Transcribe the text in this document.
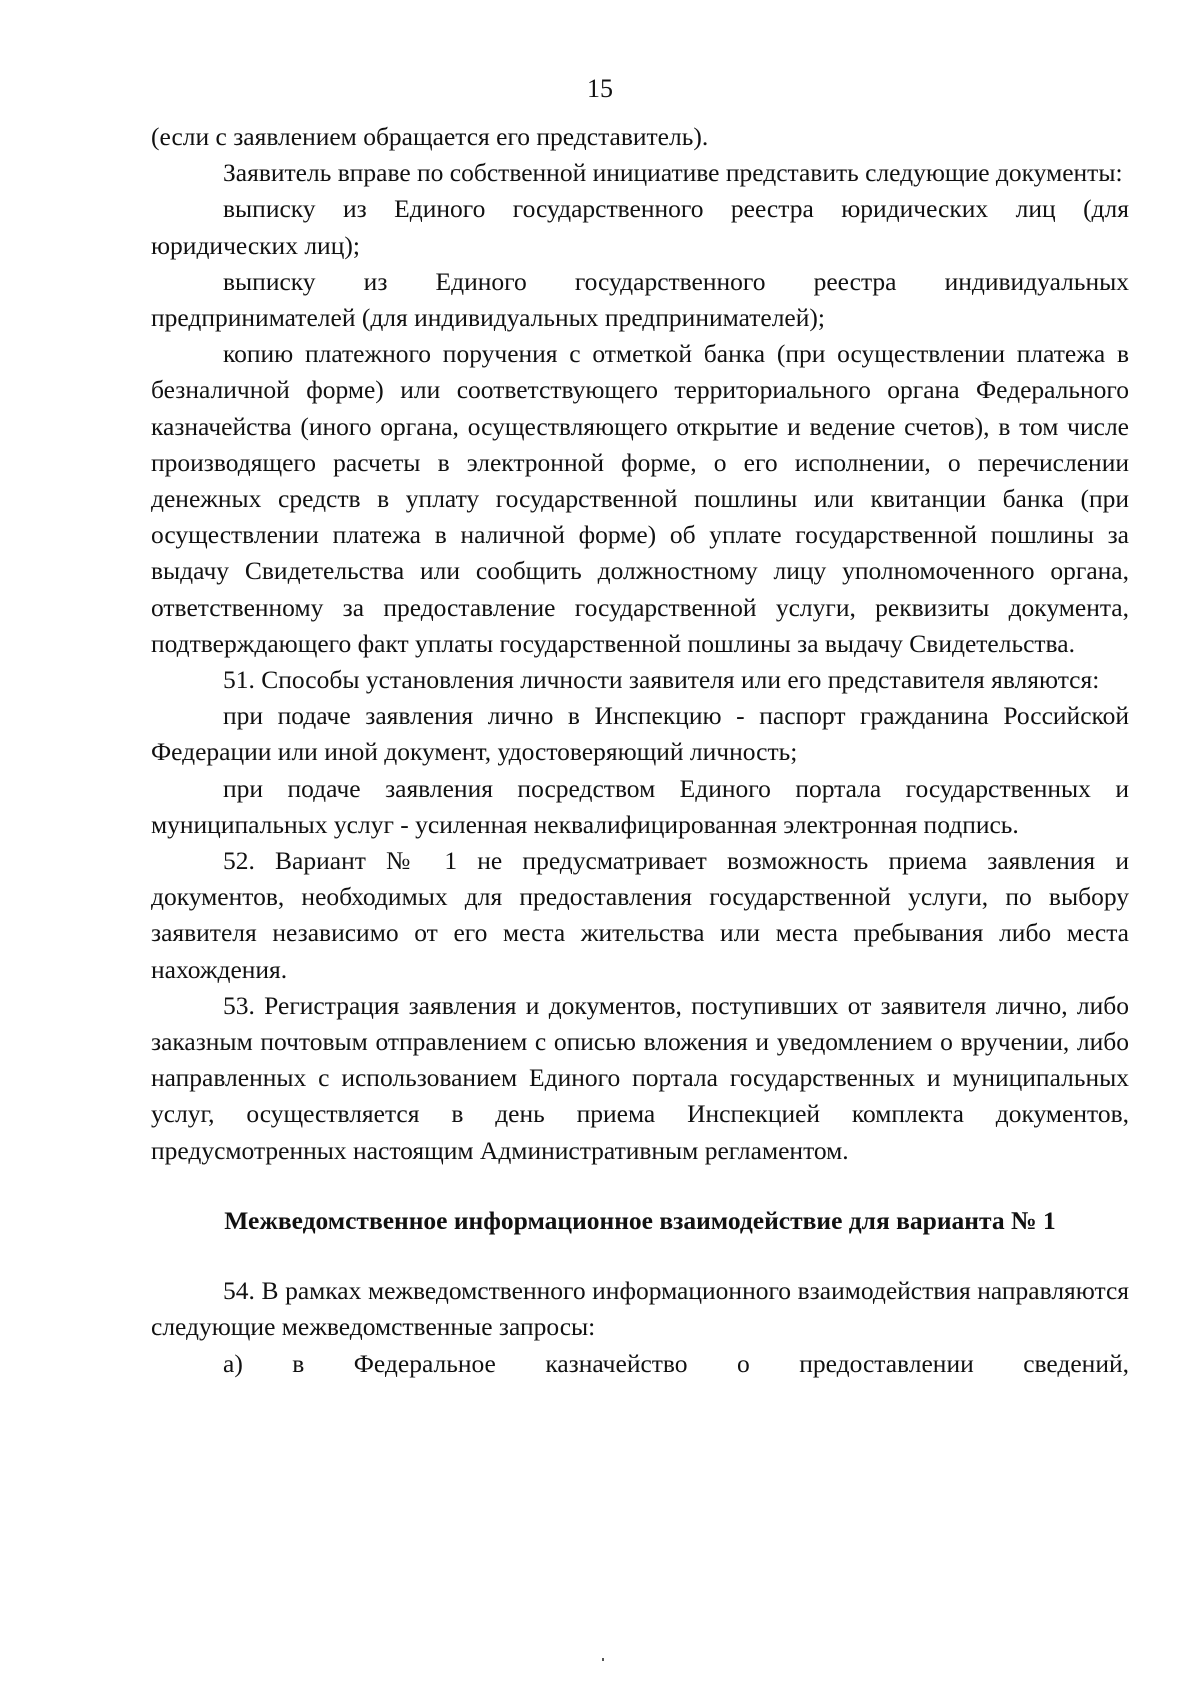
15

(если с заявлением обращается его представитель).

Заявитель вправе по собственной инициативе представить следующие документы:

выписку из Единого государственного реестра юридических лиц (для юридических лиц);

выписку из Единого государственного реестра индивидуальных предпринимателей (для индивидуальных предпринимателей);

копию платежного поручения с отметкой банка (при осуществлении платежа в безналичной форме) или соответствующего территориального органа Федерального казначейства (иного органа, осуществляющего открытие и ведение счетов), в том числе производящего расчеты в электронной форме, о его исполнении, о перечислении денежных средств в уплату государственной пошлины или квитанции банка (при осуществлении платежа в наличной форме) об уплате государственной пошлины за выдачу Свидетельства или сообщить должностному лицу уполномоченного органа, ответственному за предоставление государственной услуги, реквизиты документа, подтверждающего факт уплаты государственной пошлины за выдачу Свидетельства.

51. Способы установления личности заявителя или его представителя являются:

при подаче заявления лично в Инспекцию - паспорт гражданина Российской Федерации или иной документ, удостоверяющий личность;

при подаче заявления посредством Единого портала государственных и муниципальных услуг - усиленная неквалифицированная электронная подпись.

52. Вариант № 1 не предусматривает возможность приема заявления и документов, необходимых для предоставления государственной услуги, по выбору заявителя независимо от его места жительства или места пребывания либо места нахождения.

53. Регистрация заявления и документов, поступивших от заявителя лично, либо заказным почтовым отправлением с описью вложения и уведомлением о вручении, либо направленных с использованием Единого портала государственных и муниципальных услуг, осуществляется в день приема Инспекцией комплекта документов, предусмотренных настоящим Административным регламентом.

Межведомственное информационное взаимодействие для варианта № 1

54. В рамках межведомственного информационного взаимодействия направляются следующие межведомственные запросы:

а) в Федеральное казначейство о предоставлении сведений,
